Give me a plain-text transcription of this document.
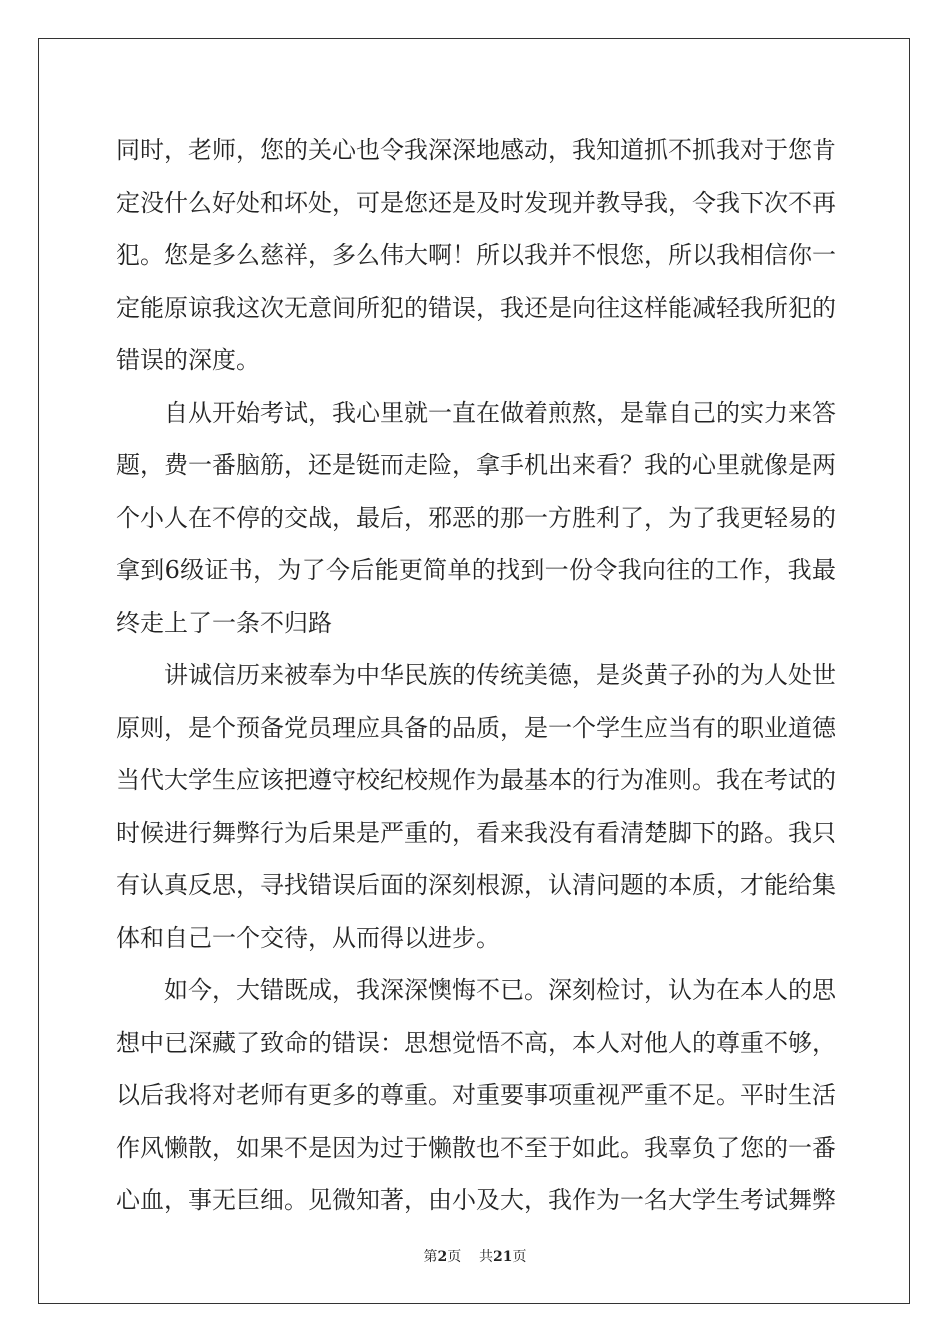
同时，老师，您的关心也令我深深地感动，我知道抓不抓我对于您肯
定没什么好处和坏处，可是您还是及时发现并教导我，令我下次不再
犯。您是多么慈祥，多么伟大啊！所以我并不恨您，所以我相信你一
定能原谅我这次无意间所犯的错误，我还是向往这样能减轻我所犯的
错误的深度。
自从开始考试，我心里就一直在做着煎熬，是靠自己的实力来答
题，费一番脑筋，还是铤而走险，拿手机出来看？我的心里就像是两
个小人在不停的交战，最后，邪恶的那一方胜利了，为了我更轻易的
拿到6级证书，为了今后能更简单的找到一份令我向往的工作，我最
终走上了一条不归路
讲诚信历来被奉为中华民族的传统美德，是炎黄子孙的为人处世
原则，是个预备党员理应具备的品质，是一个学生应当有的职业道德
当代大学生应该把遵守校纪校规作为最基本的行为准则。我在考试的
时候进行舞弊行为后果是严重的，看来我没有看清楚脚下的路。我只
有认真反思，寻找错误后面的深刻根源，认清问题的本质，才能给集
体和自己一个交待，从而得以进步。
如今，大错既成，我深深懊悔不已。深刻检讨，认为在本人的思
想中已深藏了致命的错误：思想觉悟不高，本人对他人的尊重不够，
以后我将对老师有更多的尊重。对重要事项重视严重不足。平时生活
作风懒散，如果不是因为过于懒散也不至于如此。我辜负了您的一番
心血，事无巨细。见微知著，由小及大，我作为一名大学生考试舞弊
第2页 共21页
